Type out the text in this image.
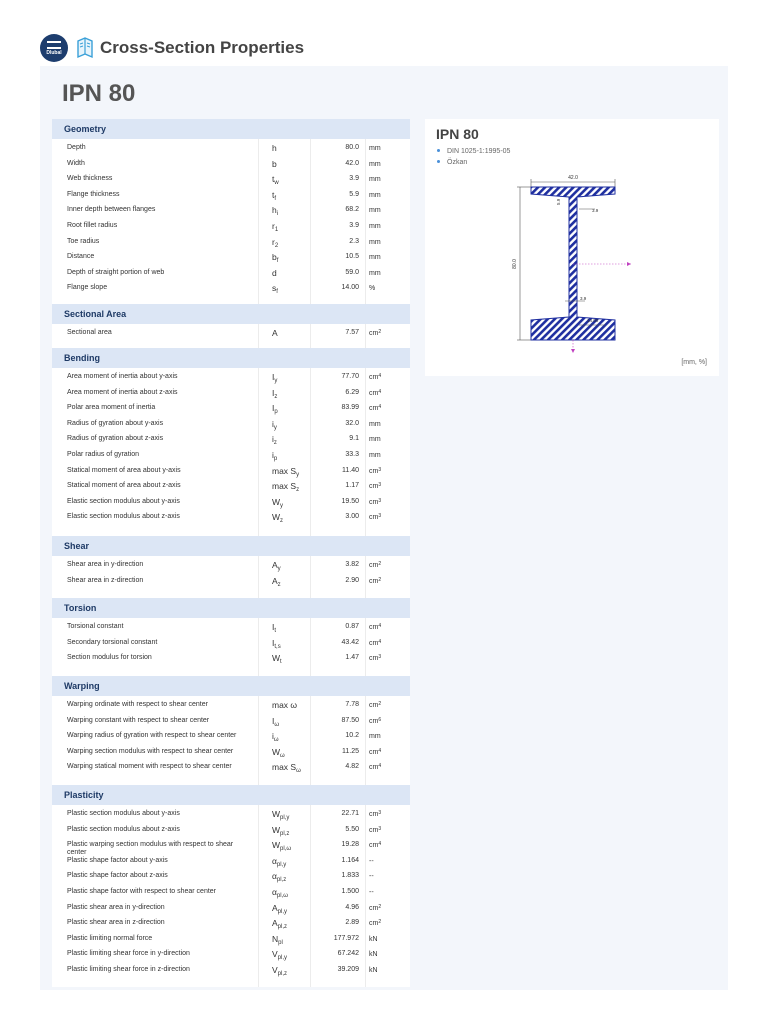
Dlubal Cross-Section Properties
IPN 80
Geometry
Depth	h	80.0 mm
Width	b	42.0 mm
Web thickness	$t_w$
3.9 mm
Flange thickness	$t_f$
5.9 mm
Inner depth between flanges	$h_i$
68.2 mm
Root fillet radius	$r_1$
3.9 mm
Toe radius	$r_2$
2.3 mm
Distance	$b_f$
10.5 mm
Depth of straight portion of web	d	59.0 mm
Flange slope	$s_f$
14.00 %
Sectional Area
Sectional area	A	7.57 $cm^2$
Bending
Area moment of inertia about y-axis	$I_y$
77.70 $cm^4$
Area moment of inertia about z-axis	$I_z$
6.29 $cm^4$
Polar area moment of inertia	$I_p$
83.99 $cm^4$
Radius of gyration about y-axis	$i_y$
32.0 mm
Radius of gyration about z-axis	$i_z$
9.1 mm
Polar radius of gyration	$i_p$
33.3 mm
Statical moment of area about y-axis	$\max S_y$
11.40 $cm^3$
Statical moment of area about z-axis	$\max S_z$
1.17 $cm^3$
Elastic section modulus about y-axis	$W_y$
19.50 $cm^3$
Elastic section modulus about z-axis	$W_z$
3.00 $cm^3$
Shear
Shear area in y-direction	$A_y$
3.82 $cm^2$
Shear area in z-direction	$A_z$
2.90 $cm^2$
Torsion
Torsional constant	$I_t$
0.87 $cm^4$
Secondary torsional constant	$I_{t,s}$
43.42 $cm^4$
Section modulus for torsion	$W_t$
1.47 $cm^3$
Warping
Warping ordinate with respect to shear center	max ω	7.78 $cm^2$
Warping constant with respect to shear center	$I_\omega$
87.50 $cm^6$
Warping radius of gyration with respect to shear center	$i_\omega$
10.2 mm
Warping section modulus with respect to shear center	$W_\omega$
11.25 $cm^4$
Warping statical moment with respect to shear center	$\max S_\omega$
4.82 $cm^4$
Plasticity
Plastic section modulus about y-axis	$W_{pl,y}$
22.71 $cm^3$
Plastic section modulus about z-axis	$W_{pl,z}$
5.50 $cm^3$
Plastic warping section modulus with respect to shear center
$W_{pl,\omega}$
19.28 $cm^4$
Plastic shape factor about y-axis	$\alpha_{pl,y}$
1.164 --
Plastic shape factor about z-axis	$\alpha_{pl,z}$
1.833 --
Plastic shape factor with respect to shear center	$\alpha_{pl,\omega}$
1.500 --
Plastic shear area in y-direction	$A_{pl,y}$
4.96 $cm^2$
Plastic shear area in z-direction	$A_{pl,z}$
2.89 $cm^2$
Plastic limiting normal force	$N_{pl}$
177.972 kN
Plastic limiting shear force in y-direction	$V_{pl,y}$
67.242 kN
Plastic limiting shear force in z-direction	$V_{pl,z}$
39.209 kN
IPN 80
DIN 1025-1:1995-05
Özkan
42.0
80.0
5.9
3.9
3.9
14.00
[mm, %]
